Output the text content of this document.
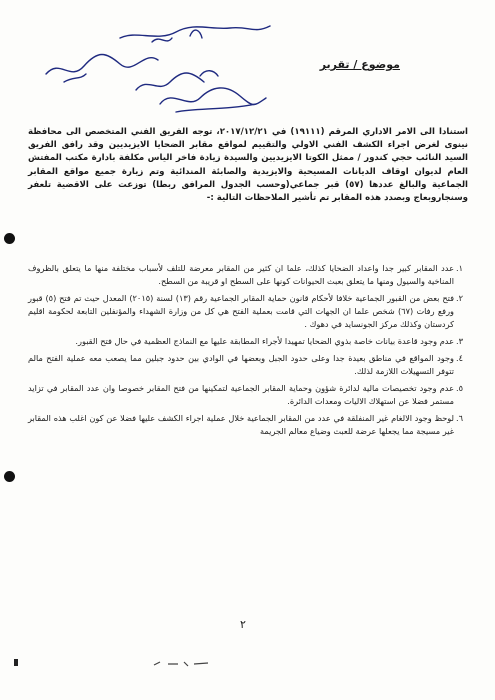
موضوع / تقرير
استنادا الى الامر الاداري المرقم (١٩١١١) في ٢٠١٧/١٢/٢١، توجه الفريق الفني المتخصص الى محافظة نينوى لغرض اجراء الكشف الفني الاولي والتقييم لمواقع مقابر الضحايا الايزيديين وقد رافق الفريق السيد النائب حجي كندور / ممثل الكوتا الايزيديين والسيدة زيادة فاخر الياس مكلفة بادارة مكتب المفتش العام لديوان اوقاف الديانات المسيحية والايزيدية والصابئة المندائية وتم زيارة جميع مواقع المقابر الجماعية والبالغ عددها (٥٧) قبر جماعي(وحسب الجدول المرافق ربطا) توزعت على الاقضية تلعفر وسنجاروبعاج وبصدد هذه المقابر تم تأشير الملاحظات التالية :-
١.
عدد المقابر كبير جدا واعداد الضحايا كذلك، علما ان كثير من المقابر معرضة للتلف لأسباب مختلفة منها ما يتعلق بالظروف المناخية والسيول ومنها ما يتعلق بعبث الحيوانات كونها على السطح او قريبة من السطح.
٢.
فتح بعض من القبور الجماعية خلافا لأحكام قانون حماية المقابر الجماعية رقم (١٣) لسنة (٢٠١٥) المعدل حيث تم فتح (٥) قبور ورفع رفات (٦٧) شخص علما ان الجهات التي قامت بعملية الفتح هي كل من وزارة الشهداء والمؤنفلين التابعة لحكومة اقليم كردستان وكذلك مركز الجونسايد في دهوك .
٣.
عدم وجود قاعدة بيانات خاصة بذوي الضحايا تمهيدا لأجراء المطابقة عليها مع النماذج العظمية في حال فتح القبور.
٤.
وجود المواقع في مناطق بعيدة جدا وعلى حدود الجبل وبعضها في الوادي بين حدود جبلين مما يصعب معه عملية الفتح مالم تتوفر التسهيلات اللازمة لذلك.
٥.
عدم وجود تخصيصات مالية لدائرة شؤون وحماية المقابر الجماعية لتمكينها من فتح المقابر خصوصا وان عدد المقابر في تزايد مستمر فضلا عن استهلاك الاليات ومعدات الدائرة.
٦.
لوحظ وجود الالغام غير المنفلقة في عدد من المقابر الجماعية خلال عملية اجراء الكشف عليها فضلا عن كون اغلب هذه المقابر غير مسيجة مما يجعلها عرضة للعبث وضياع معالم الجريمة
٢
